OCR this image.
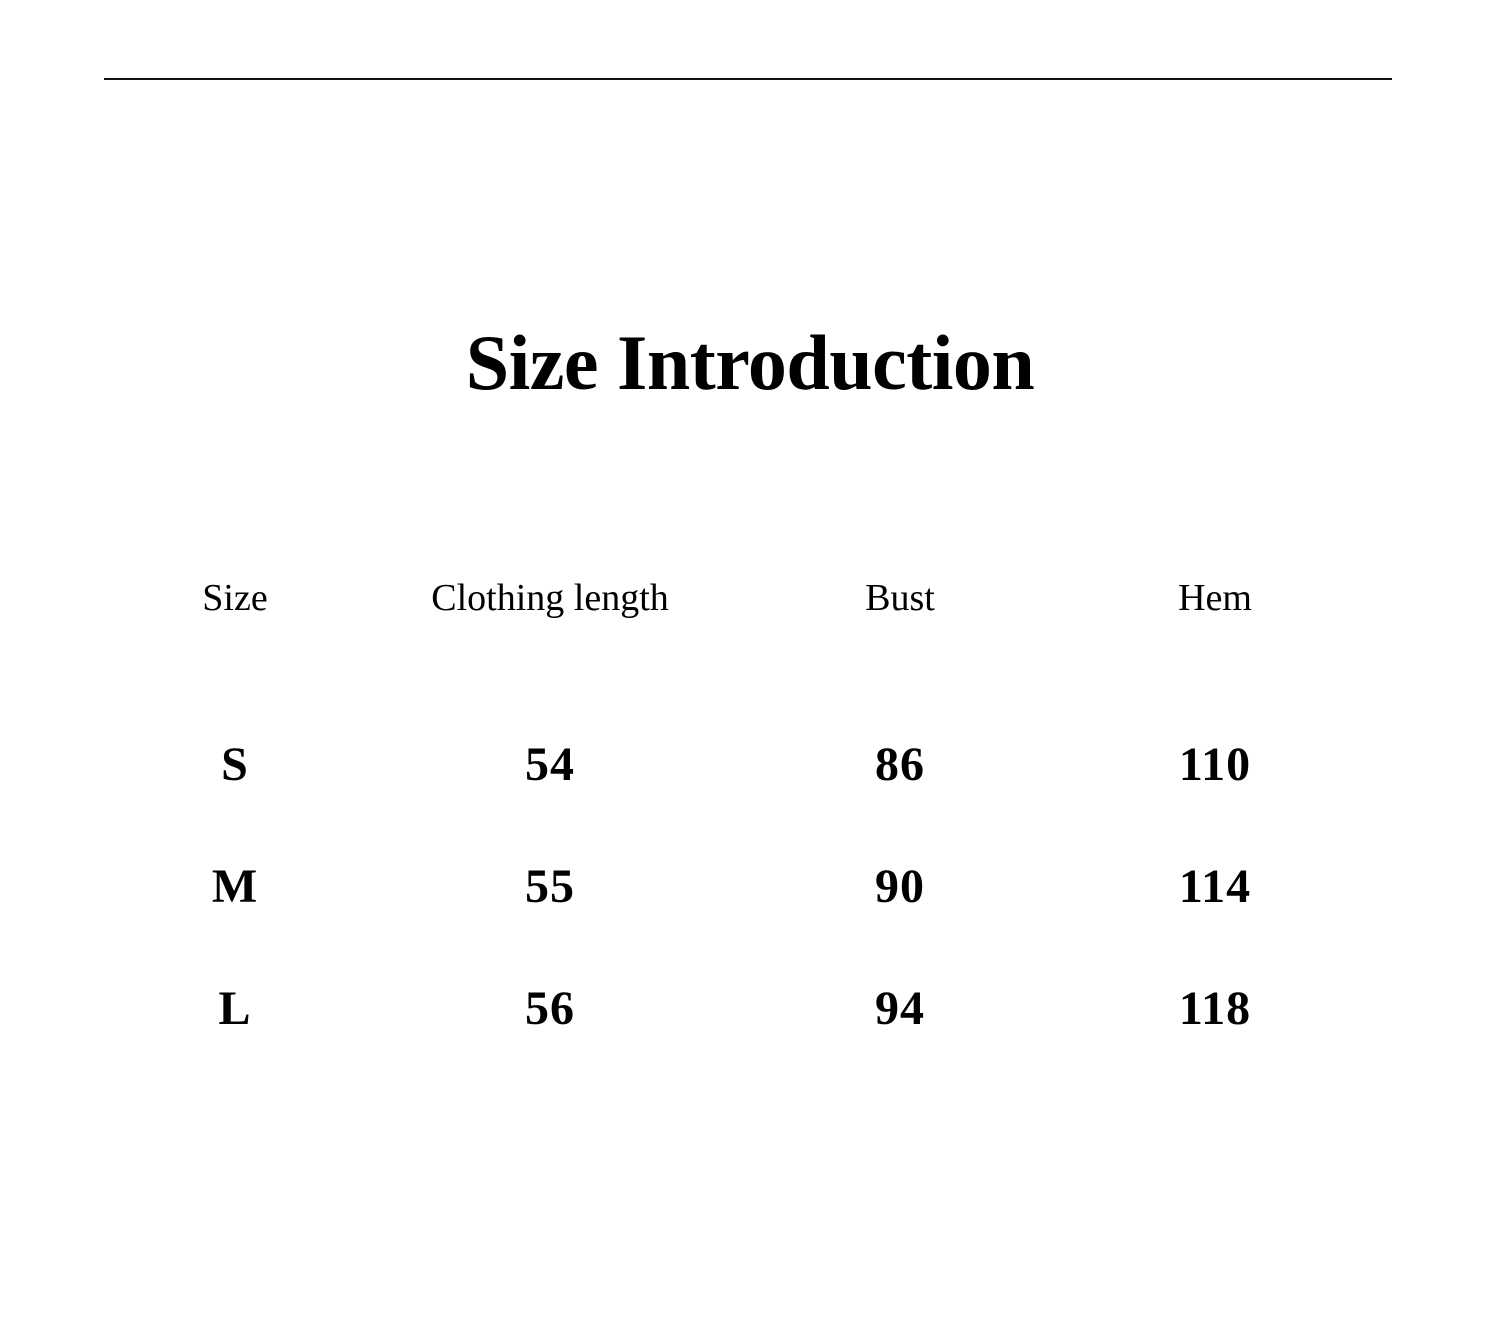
Size Introduction
Size	Clothing length	Bust	Hem
S	54	86	110
M	55	90	114
L	56	94	118
